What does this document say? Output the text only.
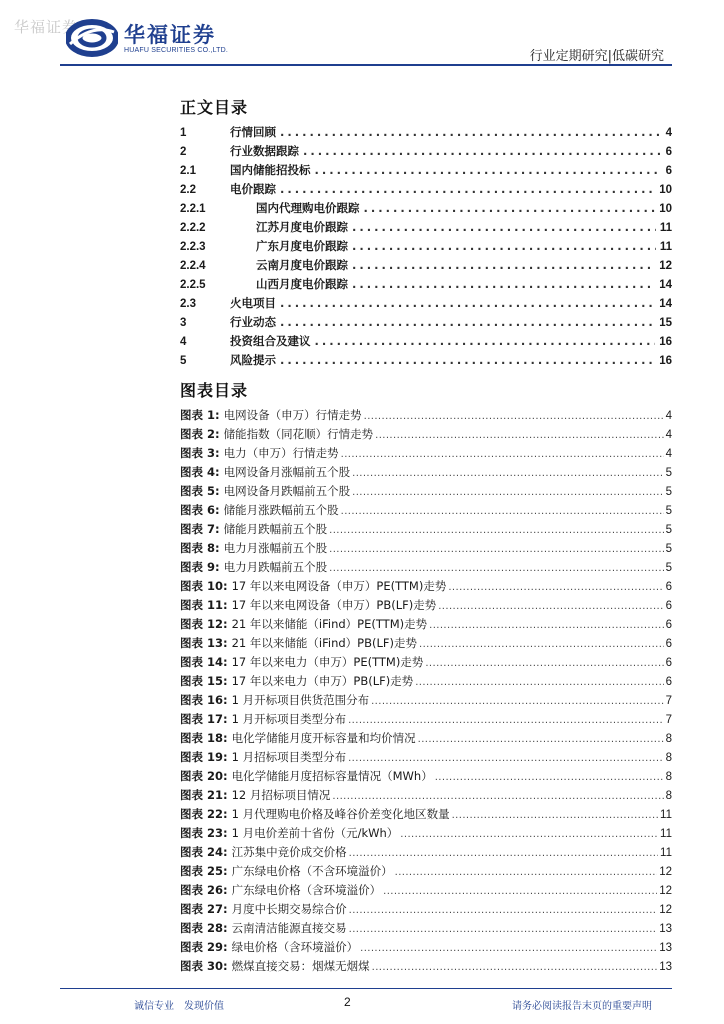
华福证券 华福证券
HUAFU SECURITIES CO.,LTD.	行业定期研究|低碳研究
正文目录
1	行情回顾 .....	4
2	行业数据跟踪 .....	6
2.1	国内储能招投标 .....	6
2.2	电价跟踪 .....	10
2.2.1	国内代理购电价跟踪 .....	10
2.2.2	江苏月度电价跟踪 .....	11
2.2.3	广东月度电价跟踪 .....	11
2.2.4	云南月度电价跟踪 .....	12
2.2.5	山西月度电价跟踪 .....	14
2.3	火电项目 .....	14
3	行业动态 .....	15
4	投资组合及建议 .....	16
5	风险提示 .....	16
图表目录
图表 1: 电网设备（申万）行情走势 .....	4
图表 2: 储能指数（同花顺）行情走势 .....	4
图表 3: 电力（申万）行情走势 .....	4
图表 4: 电网设备月涨幅前五个股 .....	5
图表 5: 电网设备月跌幅前五个股 .....	5
图表 6: 储能月涨跌幅前五个股 .....	5
图表 7: 储能月跌幅前五个股 .....	5
图表 8: 电力月涨幅前五个股 .....	5
图表 9: 电力月跌幅前五个股 .....	5
图表 10: 17 年以来电网设备（申万）PE(TTM)走势 .....	6
图表 11: 17 年以来电网设备（申万）PB(LF)走势 .....	6
图表 12: 21 年以来储能（iFind）PE(TTM)走势 .....	6
图表 13: 21 年以来储能（iFind）PB(LF)走势 .....	6
图表 14: 17 年以来电力（申万）PE(TTM)走势 .....	6
图表 15: 17 年以来电力（申万）PB(LF)走势 .....	6
图表 16: 1 月开标项目供货范围分布 .....	7
图表 17: 1 月开标项目类型分布 .....	7
图表 18: 电化学储能月度开标容量和均价情况 .....	8
图表 19: 1 月招标项目类型分布 .....	8
图表 20: 电化学储能月度招标容量情况（MWh） .....	8
图表 21: 12 月招标项目情况 .....	8
图表 22: 1 月代理购电价格及峰谷价差变化地区数量 .....	11
图表 23: 1 月电价差前十省份（元/kWh） .....	11
图表 24: 江苏集中竞价成交价格 .....	11
图表 25: 广东绿电价格（不含环境溢价） .....	12
图表 26: 广东绿电价格（含环境溢价） .....	12
图表 27: 月度中长期交易综合价 .....	12
图表 28: 云南清洁能源直接交易 .....	13
图表 29: 绿电价格（含环境溢价） .....	13
图表 30: 燃煤直接交易：烟煤无烟煤 .....	13
诚信专业　发现价值	2	请务必阅读报告末页的重要声明
